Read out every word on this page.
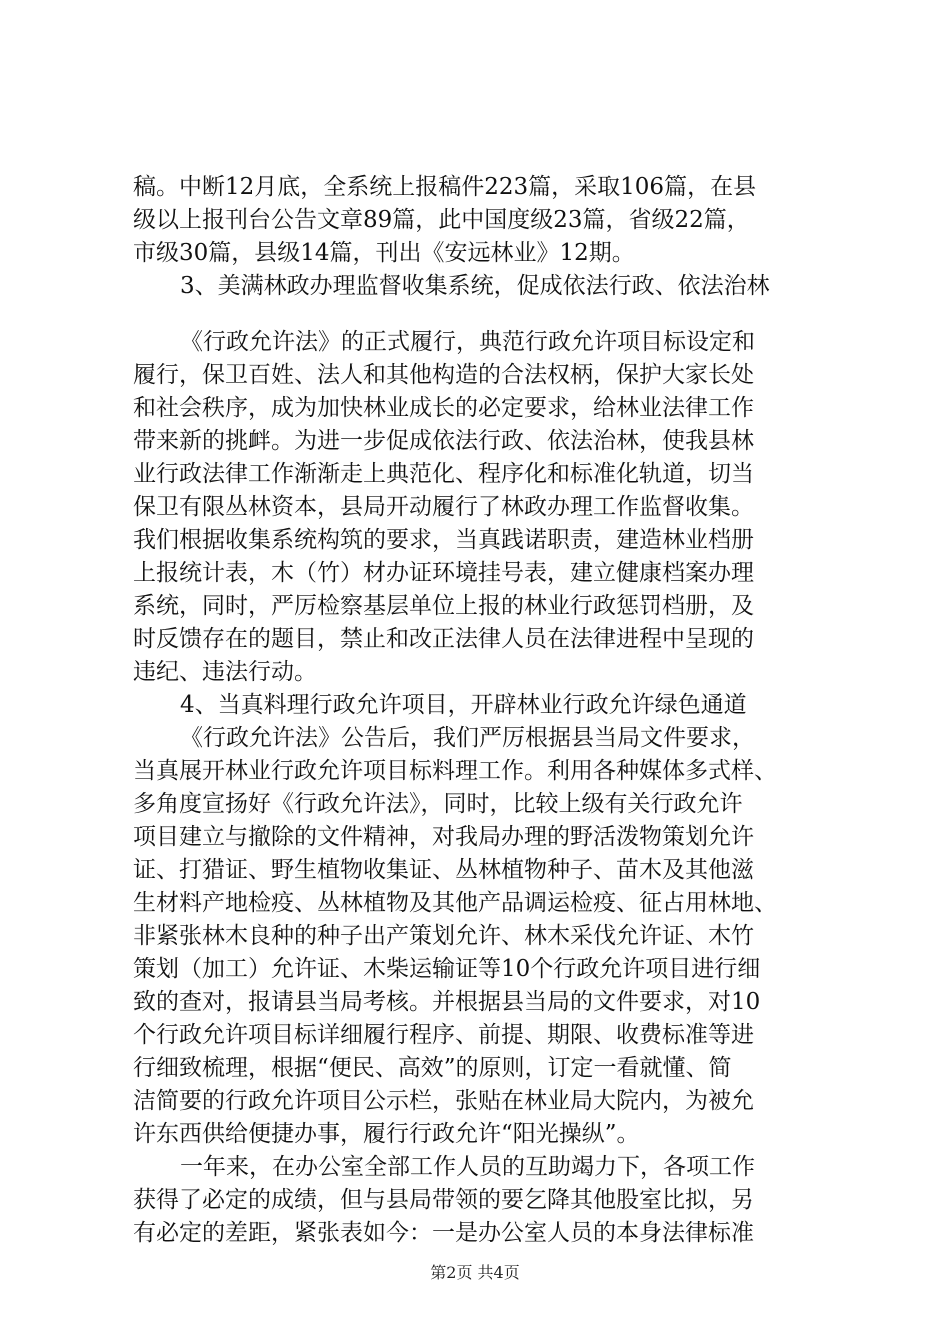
稿。中断12月底，全系统上报稿件223篇，采取106篇，在县
级以上报刊台公告文章89篇，此中国度级23篇，省级22篇，
市级30篇，县级14篇，刊出《安远林业》12期。
3、美满林政办理监督收集系统，促成依法行政、依法治林
《行政允许法》的正式履行，典范行政允许项目标设定和
履行，保卫百姓、法人和其他构造的合法权柄，保护大家长处
和社会秩序，成为加快林业成长的必定要求，给林业法律工作
带来新的挑衅。为进一步促成依法行政、依法治林，使我县林
业行政法律工作渐渐走上典范化、程序化和标准化轨道，切当
保卫有限丛林资本，县局开动履行了林政办理工作监督收集。
我们根据收集系统构筑的要求，当真践诺职责，建造林业档册
上报统计表，木（竹）材办证环境挂号表，建立健康档案办理
系统，同时，严厉检察基层单位上报的林业行政惩罚档册，及
时反馈存在的题目，禁止和改正法律人员在法律进程中呈现的
违纪、违法行动。
4、当真料理行政允许项目，开辟林业行政允许绿色通道
《行政允许法》公告后，我们严厉根据县当局文件要求，
当真展开林业行政允许项目标料理工作。利用各种媒体多式样、
多角度宣扬好《行政允许法》，同时，比较上级有关行政允许
项目建立与撤除的文件精神，对我局办理的野活泼物策划允许
证、打猎证、野生植物收集证、丛林植物种子、苗木及其他滋
生材料产地检疫、丛林植物及其他产品调运检疫、征占用林地、
非紧张林木良种的种子出产策划允许、林木采伐允许证、木竹
策划（加工）允许证、木柴运输证等10个行政允许项目进行细
致的查对，报请县当局考核。并根据县当局的文件要求，对10
个行政允许项目标详细履行程序、前提、期限、收费标准等进
行细致梳理，根据“便民、高效”的原则，订定一看就懂、简
洁简要的行政允许项目公示栏，张贴在林业局大院内，为被允
许东西供给便捷办事，履行行政允许“阳光操纵”。
一年来，在办公室全部工作人员的互助竭力下，各项工作
获得了必定的成绩，但与县局带领的要乞降其他股室比拟，另
有必定的差距，紧张表如今：一是办公室人员的本身法律标准
第2页 共4页
